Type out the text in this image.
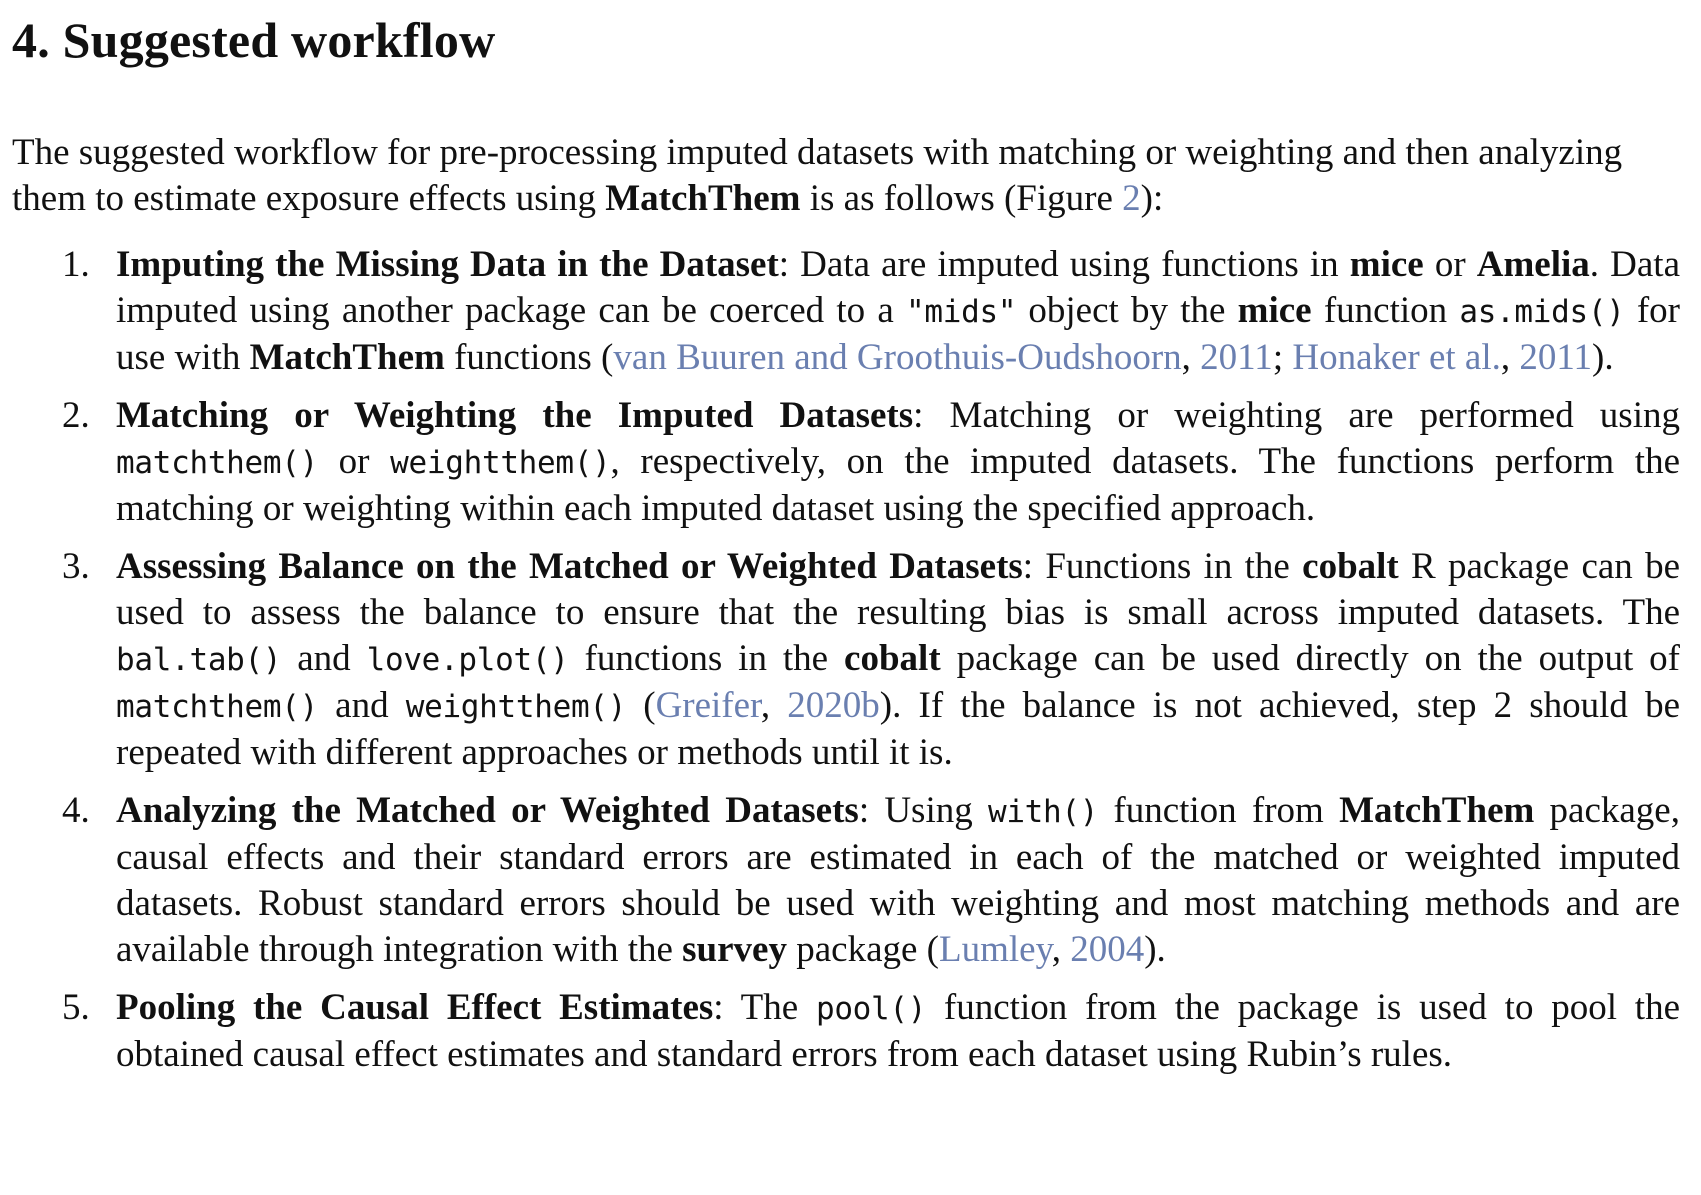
4. Suggested workflow

The suggested workflow for pre-processing imputed datasets with matching or weighting and then analyzing them to estimate exposure effects using MatchThem is as follows (Figure 2):

1. Imputing the Missing Data in the Dataset: Data are imputed using functions in mice or Amelia. Data imputed using another package can be coerced to a "mids" object by the mice function as.mids() for use with MatchThem functions (van Buuren and Groothuis-Oudshoorn, 2011; Honaker et al., 2011).
2. Matching or Weighting the Imputed Datasets: Matching or weighting are performed using matchthem() or weightthem(), respectively, on the imputed datasets. The functions perform the matching or weighting within each imputed dataset using the specified approach.
3. Assessing Balance on the Matched or Weighted Datasets: Functions in the cobalt R package can be used to assess the balance to ensure that the resulting bias is small across imputed datasets. The bal.tab() and love.plot() functions in the cobalt package can be used directly on the output of matchthem() and weightthem() (Greifer, 2020b). If the balance is not achieved, step 2 should be repeated with different approaches or methods until it is.
4. Analyzing the Matched or Weighted Datasets: Using with() function from MatchThem package, causal effects and their standard errors are estimated in each of the matched or weighted imputed datasets. Robust standard errors should be used with weighting and most matching methods and are available through integration with the survey package (Lumley, 2004).
5. Pooling the Causal Effect Estimates: The pool() function from the package is used to pool the obtained causal effect estimates and standard errors from each dataset using Rubin’s rules.
